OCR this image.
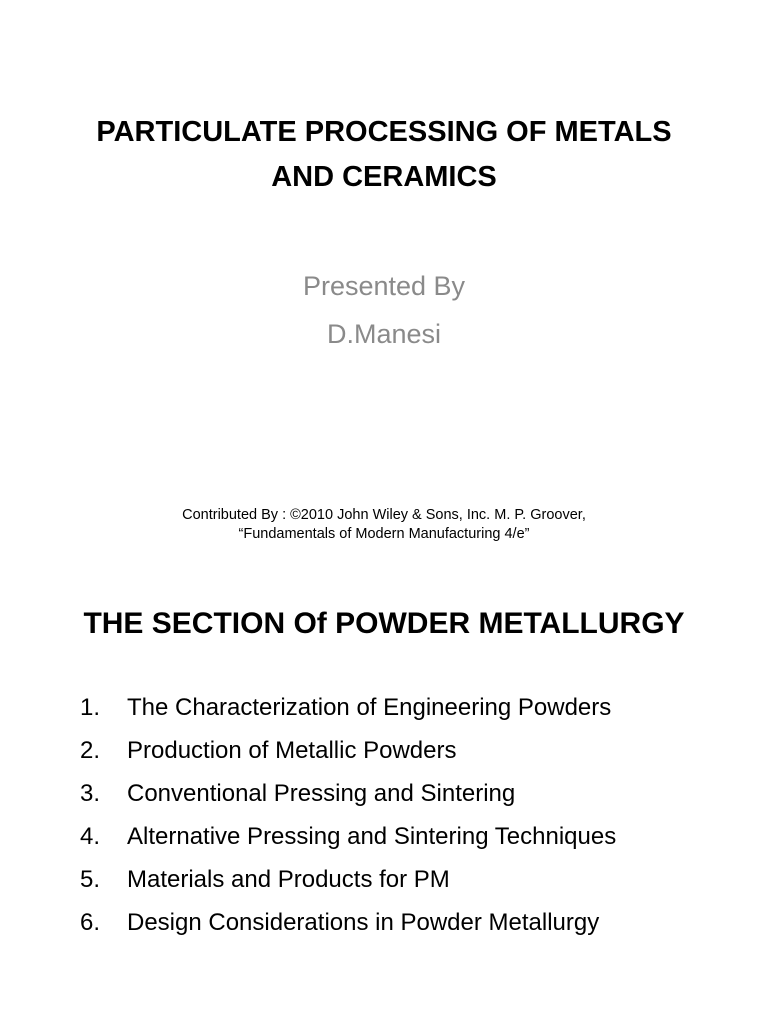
PARTICULATE PROCESSING OF METALS
AND CERAMICS
Presented By
D.Manesi
Contributed By : ©2010 John Wiley & Sons, Inc. M. P. Groover,
“Fundamentals of Modern Manufacturing 4/e”
THE SECTION Of POWDER METALLURGY
1.	The Characterization of Engineering Powders
2.	Production of Metallic Powders
3.	Conventional Pressing and Sintering
4.	Alternative Pressing and Sintering Techniques
5.	Materials and Products for PM
6.	Design Considerations in Powder Metallurgy
